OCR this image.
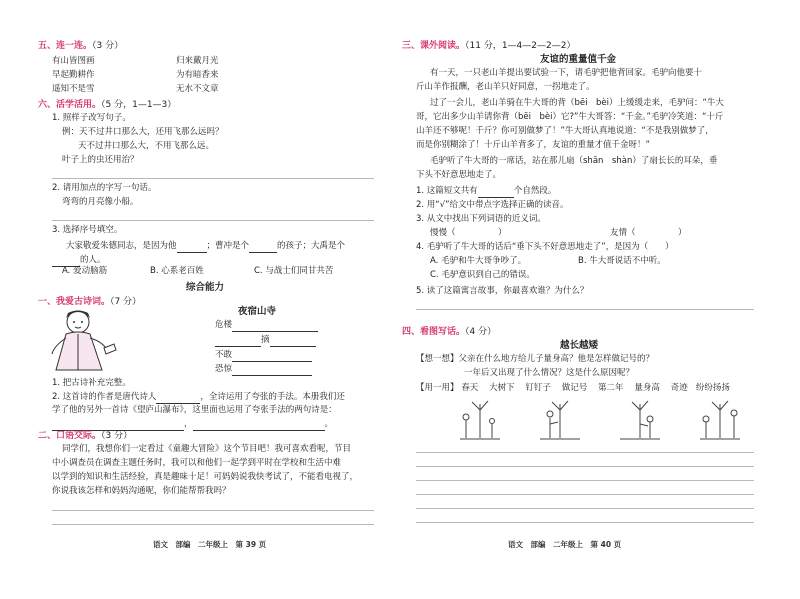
五、连一连。（3 分）
有山皆图画	归来戴月光
早起勤耕作	为有暗香来
遥知不是雪	无水不文章
六、活学活用。（5 分，1—1—3）
1. 照样子改写句子。
例：天不过井口那么大，还用飞那么远吗？
天不过井口那么大，不用飞那么远。
叶子上的虫还用治？
2. 请用加点的字写一句话。
弯弯的月亮像小船。
3. 选择序号填空。
大家敬爱朱德同志，是因为他	；曹冲是个	的孩子；大禹是个
的人。
A. 爱动脑筋	B. 心系老百姓	C. 与战士们同甘共苦
综合能力
一、我爱古诗词。（7 分）
夜宿山寺
危楼
摘
不敢
恐惊
1. 把古诗补充完整。
2. 这首诗的作者是唐代诗人	，全诗运用了夸张的手法。本册我们还
学了他的另外一首诗《望庐山瀑布》，这里面也运用了夸张手法的两句诗是：
，	。
二、口语交际。（3 分）
同学们，我想你们一定看过《童趣大冒险》这个节目吧！我可喜欢看呢，节目
中小调查员在调查主题任务时，我可以和他们一起学到平时在学校和生活中难
以学到的知识和生活经验，真是趣味十足！可妈妈说我快考试了，不能看电视了，
你说我该怎样和妈妈沟通呢，你们能帮帮我吗？
语文　部编　二年级上　第 39 页
三、课外阅读。（11 分，1—4—2—2—2）
友谊的重量值千金
有一天，一只老山羊提出要试验一下，请毛驴把他背回家。毛驴向他要十
斤山羊作报酬，老山羊只好同意，一拐地走了。
过了一会儿，老山羊骑在牛大哥的背（bēi　bèi）上缓缓走来，毛驴问：“牛大
哥，它出多少山羊请你背（bēi　bèi）它?”牛大哥答：“千金。”毛驴冷笑道：“十斤
山羊还不够呢！千斤？你可别做梦了！”牛大哥认真地说道：“不是我别做梦了，
而是你别糊涂了！十斤山羊背多了，友谊的重量才值千金呀！”
毛驴听了牛大哥的一席话，站在那儿扇（shān　shàn）了扇长长的耳朵，垂
下头不好意思地走了。
1. 这篇短文共有	个自然段。
2. 用“√”给文中带点字选择正确的读音。
3. 从文中找出下列词语的近义词。
慢慢（　　　　　）	友情（　　　　　）
4. 毛驴听了牛大哥的话后“垂下头不好意思地走了”，是因为（　　）
A. 毛驴和牛大哥争吵了。	B. 牛大哥说话不中听。
C. 毛驴意识到自己的错误。
5. 读了这篇寓言故事，你最喜欢谁？为什么？
四、看图写话。（4 分）
越长越矮
【想一想】父亲在什么地方给儿子量身高？他是怎样做记号的？
一年后又出现了什么情况？这是什么原因呢？
【用一用】 春天 大树下 钉钉子 做记号 第二年 量身高 奇迹 纷纷扬扬
语文　部编　二年级上　第 40 页
